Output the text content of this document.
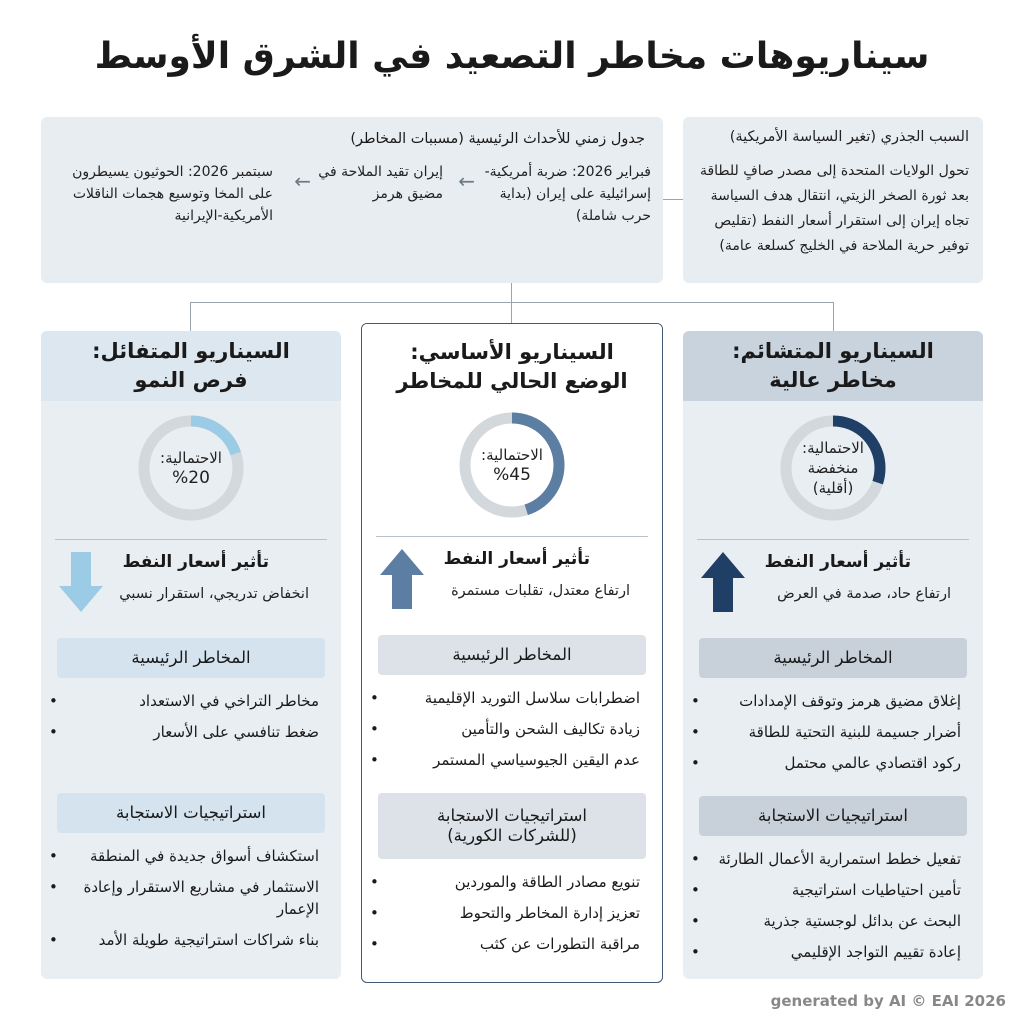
سيناريوهات مخاطر التصعيد في الشرق الأوسط
السبب الجذري (تغير السياسة الأمريكية)
تحول الولايات المتحدة إلى مصدر صافٍ للطاقة بعد ثورة الصخر الزيتي، انتقال هدف السياسة تجاه إيران إلى استقرار أسعار النفط (تقليص توفير حرية الملاحة في الخليج كسلعة عامة)
جدول زمني للأحداث الرئيسية (مسببات المخاطر)
فبراير 2026: ضربة أمريكية-إسرائيلية على إيران (بداية حرب شاملة)
←
إيران تقيد الملاحة في مضيق هرمز
←
سبتمبر 2026: الحوثيون يسيطرون على المخا وتوسيع هجمات الناقلات الأمريكية-الإيرانية
السيناريو المتشائم:
مخاطر عالية
الاحتمالية:
منخفضة
(أقلية)
تأثير أسعار النفط
ارتفاع حاد، صدمة في العرض
المخاطر الرئيسية
إغلاق مضيق هرمز وتوقف الإمدادات
•
أضرار جسيمة للبنية التحتية للطاقة
•
ركود اقتصادي عالمي محتمل
•
استراتيجيات الاستجابة
تفعيل خطط استمرارية الأعمال الطارئة
•
تأمين احتياطيات استراتيجية
•
البحث عن بدائل لوجستية جذرية
•
إعادة تقييم التواجد الإقليمي
•
السيناريو الأساسي:
الوضع الحالي للمخاطر
الاحتمالية:
%45
تأثير أسعار النفط
ارتفاع معتدل، تقلبات مستمرة
المخاطر الرئيسية
اضطرابات سلاسل التوريد الإقليمية
•
زيادة تكاليف الشحن والتأمين
•
عدم اليقين الجيوسياسي المستمر
•
استراتيجيات الاستجابة
(للشركات الكورية)
تنويع مصادر الطاقة والموردين
•
تعزيز إدارة المخاطر والتحوط
•
مراقبة التطورات عن كثب
•
السيناريو المتفائل:
فرص النمو
الاحتمالية:
%20
تأثير أسعار النفط
انخفاض تدريجي، استقرار نسبي
المخاطر الرئيسية
مخاطر التراخي في الاستعداد
•
ضغط تنافسي على الأسعار
•
استراتيجيات الاستجابة
استكشاف أسواق جديدة في المنطقة
•
الاستثمار في مشاريع الاستقرار وإعادة الإعمار
•
بناء شراكات استراتيجية طويلة الأمد
•
generated by AI © EAI 2026
